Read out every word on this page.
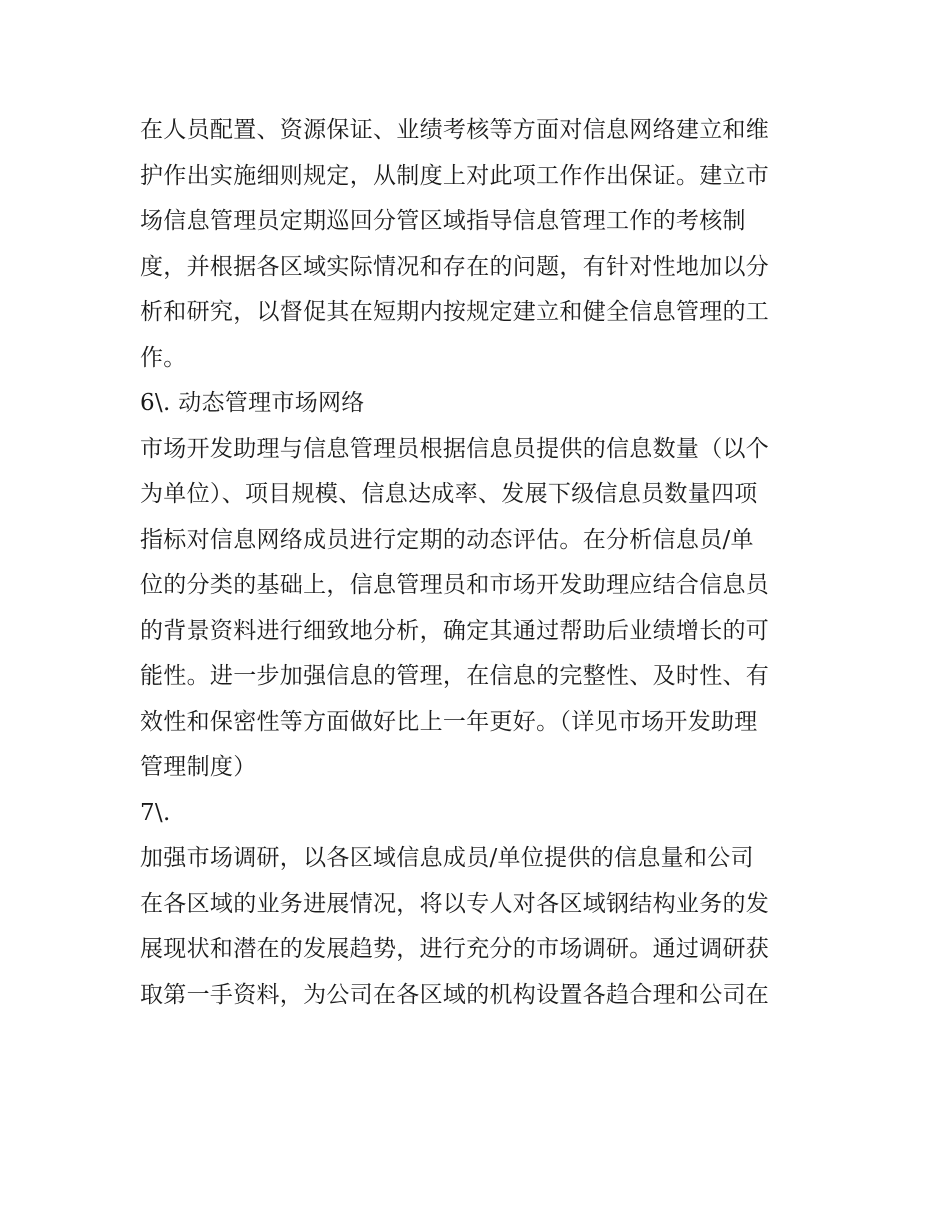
在人员配置、资源保证、业绩考核等方面对信息网络建立和维
护作出实施细则规定，从制度上对此项工作作出保证。建立市
场信息管理员定期巡回分管区域指导信息管理工作的考核制
度，并根据各区域实际情况和存在的问题，有针对性地加以分
析和研究，以督促其在短期内按规定建立和健全信息管理的工
作。
6\. 动态管理市场网络
市场开发助理与信息管理员根据信息员提供的信息数量（以个
为单位）、项目规模、信息达成率、发展下级信息员数量四项
指标对信息网络成员进行定期的动态评估。在分析信息员/单
位的分类的基础上，信息管理员和市场开发助理应结合信息员
的背景资料进行细致地分析，确定其通过帮助后业绩增长的可
能性。进一步加强信息的管理，在信息的完整性、及时性、有
效性和保密性等方面做好比上一年更好。（详见市场开发助理
管理制度）
7\.
加强市场调研，以各区域信息成员/单位提供的信息量和公司
在各区域的业务进展情况，将以专人对各区域钢结构业务的发
展现状和潜在的发展趋势，进行充分的市场调研。通过调研获
取第一手资料，为公司在各区域的机构设置各趋合理和公司在
